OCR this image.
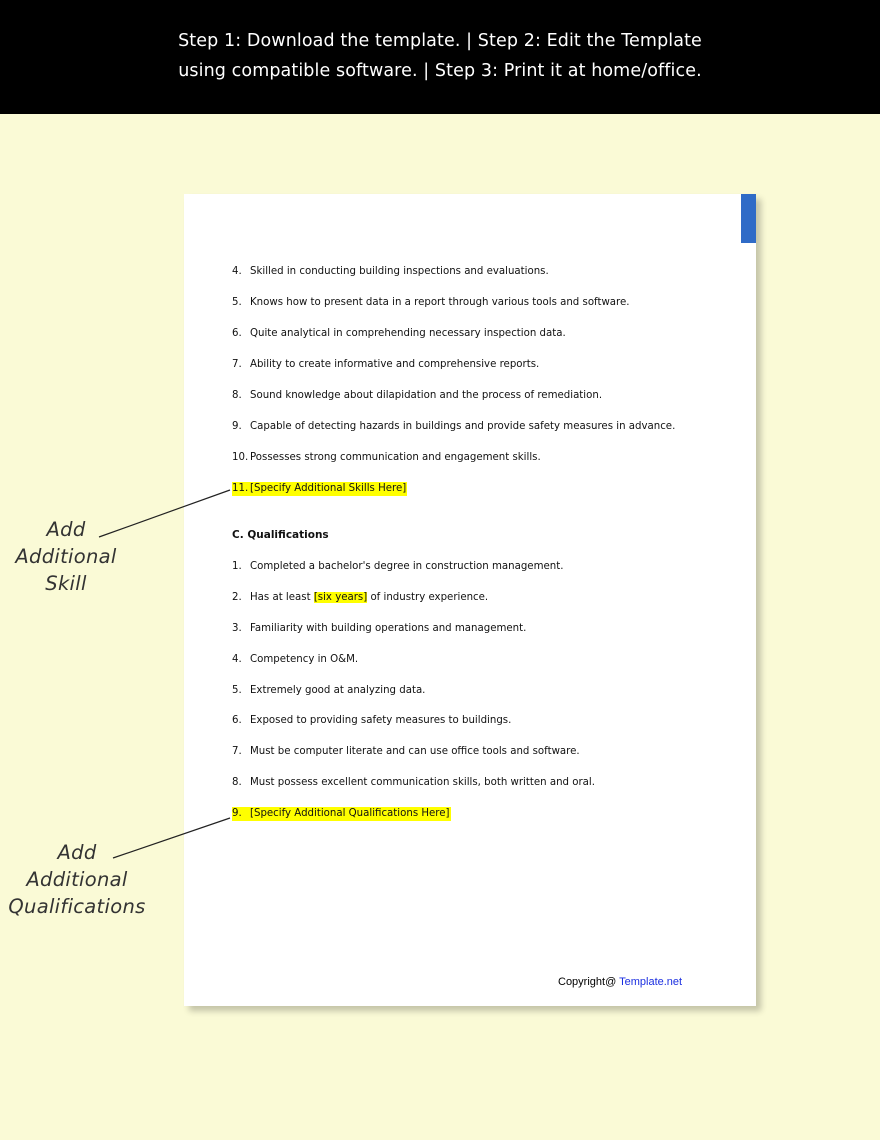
Step 1: Download the template. | Step 2: Edit the Template
using compatible software. | Step 3: Print it at home/office.
4. Skilled in conducting building inspections and evaluations.
5. Knows how to present data in a report through various tools and software.
6. Quite analytical in comprehending necessary inspection data.
7. Ability to create informative and comprehensive reports.
8. Sound knowledge about dilapidation and the process of remediation.
9. Capable of detecting hazards in buildings and provide safety measures in advance.
10. Possesses strong communication and engagement skills.
11. [Specify Additional Skills Here]
C. Qualifications
1. Completed a bachelor's degree in construction management.
2. Has at least [six years] of industry experience.
3. Familiarity with building operations and management.
4. Competency in O&M.
5. Extremely good at analyzing data.
6. Exposed to providing safety measures to buildings.
7. Must be computer literate and can use office tools and software.
8. Must possess excellent communication skills, both written and oral.
9. [Specify Additional Qualifications Here]
Copyright@ Template.net
Add
Additional
Skill
Add
Additional
Qualifications
